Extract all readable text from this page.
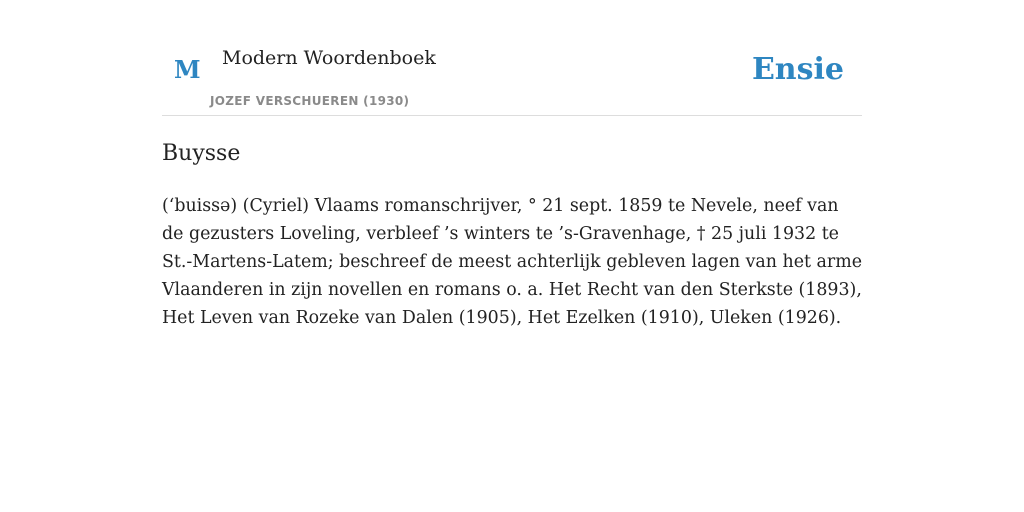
M Modern Woordenboek
JOZEF VERSCHUEREN (1930)
Ensie
Buysse

(ʻbuissə) (Cyriel) Vlaams romanschrijver, ° 21 sept. 1859 te Nevele, neef van de gezusters Loveling, verbleef ’s winters te ’s-Gravenhage, † 25 juli 1932 te St.-Martens-Latem; beschreef de meest achterlijk gebleven lagen van het arme Vlaanderen in zijn novellen en romans o. a. Het Recht van den Sterkste (1893), Het Leven van Rozeke van Dalen (1905), Het Ezelken (1910), Uleken (1926).
